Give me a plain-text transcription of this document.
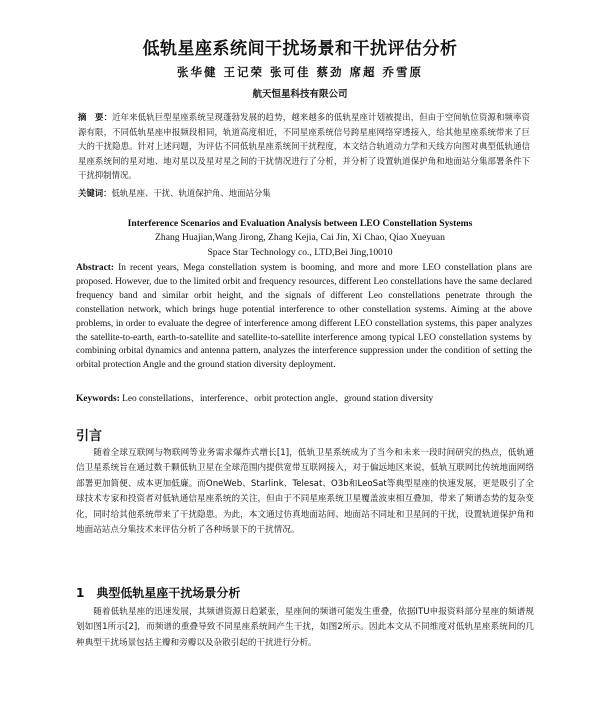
低轨星座系统间干扰场景和干扰评估分析
张华健 王记荣 张可佳 蔡劲 席超 乔雪原
航天恒星科技有限公司
摘　要：近年来低轨巨型星座系统呈现蓬勃发展的趋势，越来越多的低轨星座计划被提出，但由于空间轨位资源和频率资源有限，不同低轨星座申报频段相同，轨道高度相近，不同星座系统信号跨星座网络穿透接入，给其他星座系统带来了巨大的干扰隐患。针对上述问题，为评估不同低轨星座系统间干扰程度，本文结合轨道动力学和天线方向图对典型低轨通信星座系统间的星对地、地对星以及星对星之间的干扰情况进行了分析，并分析了设置轨道保护角和地面站分集部署条件下干扰抑制情况。
关键词：低轨星座、干扰、轨道保护角、地面站分集
Interference Scenarios and Evaluation Analysis between LEO Constellation Systems
Zhang Huajian,Wang Jirong, Zhang Kejia, Cai Jin, Xi Chao, Qiao Xueyuan
Space Star Technology co., LTD,Bei Jing,10010
Abstract: In recent years, Mega constellation system is booming, and more and more LEO constellation plans are proposed. However, due to the limited orbit and frequency resources, different Leo constellations have the same declared frequency band and similar orbit height, and the signals of different Leo constellations penetrate through the constellation network, which brings huge potential interference to other constellation systems. Aiming at the above problems, in order to evaluate the degree of interference among different LEO constellation systems, this paper analyzes the satellite-to-earth, earth-to-satellite and satellite-to-satellite interference among typical LEO constellation systems by combining orbital dynamics and antenna pattern, analyzes the interference suppression under the condition of setting the orbital protection Angle and the ground station diversity deployment.
Keywords: Leo constellations、interference、orbit protection angle、ground station diversity
引言
随着全球互联网与物联网等业务需求爆炸式增长[1]，低轨卫星系统成为了当今和未来一段时间研究的热点，低轨通信卫星系统旨在通过数千颗低轨卫星在全球范围内提供宽带互联网接入，对于偏远地区来说，低轨互联网比传统地面网络部署更加简便、成本更加低廉。而OneWeb、Starlink、Telesat、O3b和LeoSat等典型星座的快速发展，更是吸引了全球技术专家和投资者对低轨通信星座系统的关注，但由于不同星座系统卫星覆盖波束相互叠加，带来了频谱态势的复杂变化，同时给其他系统带来了干扰隐患。为此，本文通过仿真地面站间、地面站不同址和卫星间的干扰，设置轨道保护角和地面站站点分集技术来评估分析了各种场景下的干扰情况。
1　典型低轨星座干扰场景分析
随着低轨星座的迅速发展，其频谱资源日趋紧张，星座间的频谱可能发生重叠，依据ITU申报资料部分星座的频谱规划如图1所示[2]，而频谱的重叠导致不同星座系统间产生干扰，如图2所示。因此本文从不同维度对低轨星座系统间的几种典型干扰场景包括主瓣和旁瓣以及杂散引起的干扰进行分析。
